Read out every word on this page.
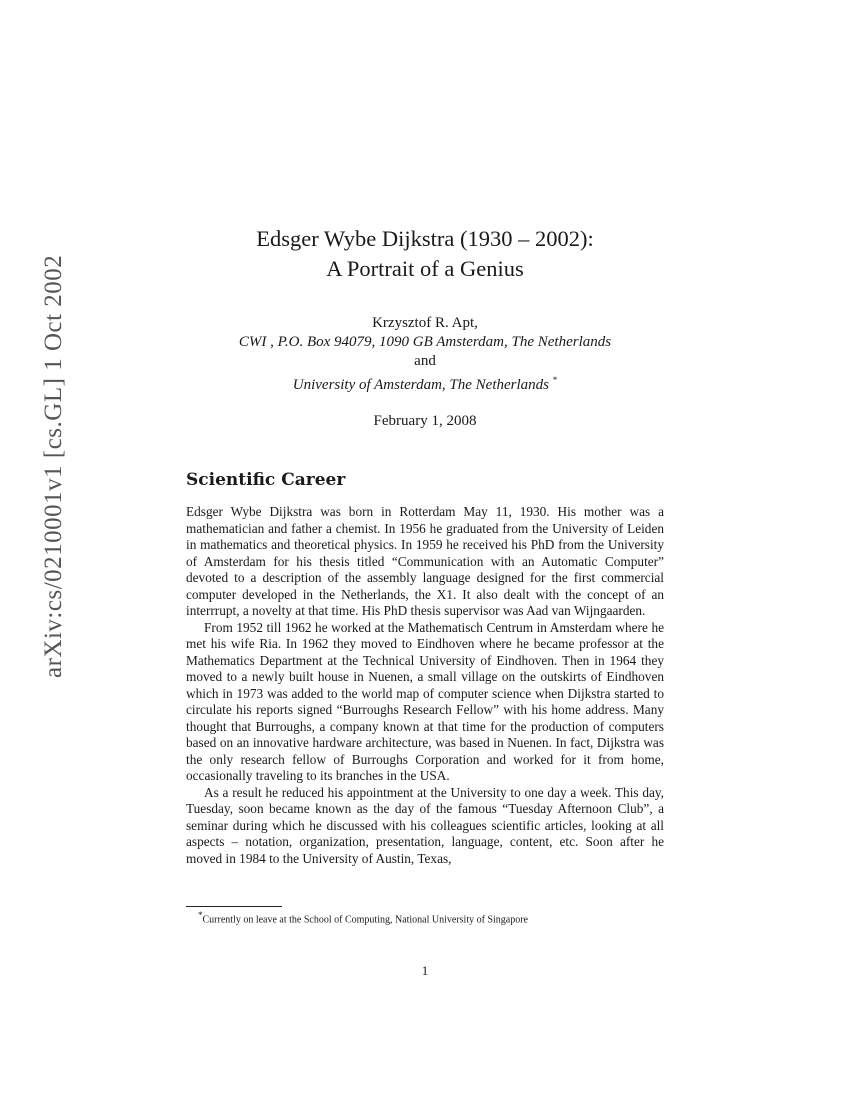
arXiv:cs/0210001v1 [cs.GL] 1 Oct 2002
Edsger Wybe Dijkstra (1930 – 2002):
A Portrait of a Genius
Krzysztof R. Apt,
CWI , P.O. Box 94079, 1090 GB Amsterdam, The Netherlands
and
University of Amsterdam, The Netherlands *
February 1, 2008
Scientific Career

Edsger Wybe Dijkstra was born in Rotterdam May 11, 1930. His mother was a mathematician and father a chemist. In 1956 he graduated from the University of Leiden in mathematics and theoretical physics. In 1959 he received his PhD from the University of Amsterdam for his thesis titled “Communication with an Automatic Computer” devoted to a description of the assembly language designed for the first commercial computer developed in the Netherlands, the X1. It also dealt with the concept of an interrrupt, a novelty at that time. His PhD thesis supervisor was Aad van Wijngaarden.

From 1952 till 1962 he worked at the Mathematisch Centrum in Amsterdam where he met his wife Ria. In 1962 they moved to Eindhoven where he became professor at the Mathematics Department at the Technical University of Eindhoven. Then in 1964 they moved to a newly built house in Nuenen, a small village on the outskirts of Eindhoven which in 1973 was added to the world map of computer science when Dijkstra started to circulate his reports signed “Burroughs Research Fellow” with his home address. Many thought that Burroughs, a company known at that time for the production of computers based on an innovative hardware architecture, was based in Nuenen. In fact, Dijkstra was the only research fellow of Burroughs Corporation and worked for it from home, occasionally traveling to its branches in the USA.

As a result he reduced his appointment at the University to one day a week. This day, Tuesday, soon became known as the day of the famous “Tuesday Afternoon Club”, a seminar during which he discussed with his colleagues scientific articles, looking at all aspects – notation, organization, presentation, language, content, etc. Soon after he moved in 1984 to the University of Austin, Texas,

*Currently on leave at the School of Computing, National University of Singapore
1
